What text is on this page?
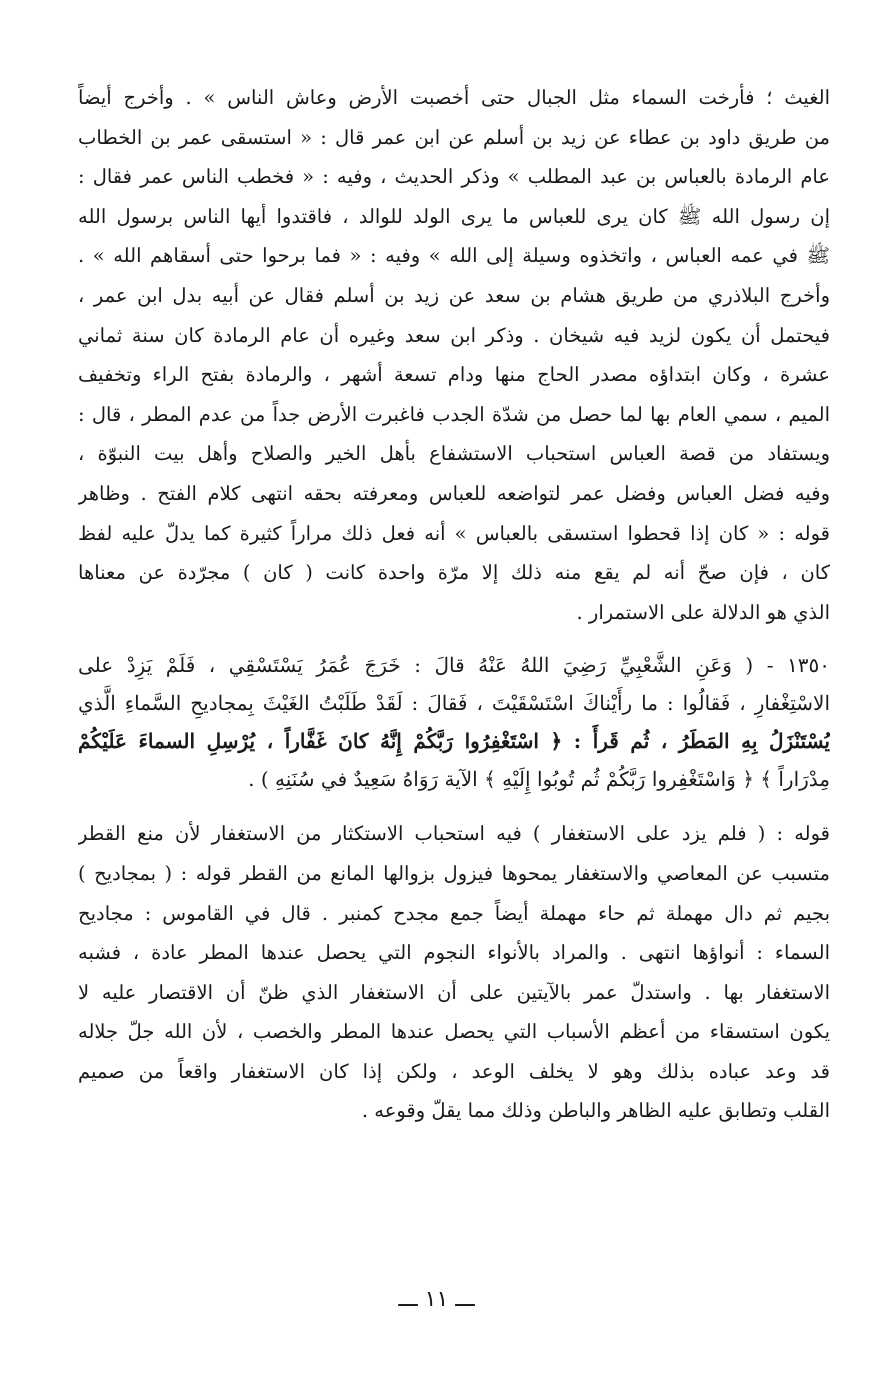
الغيث ؛ فأرخت السماء مثل الجبال حتى أخصبت الأرض وعاش الناس » . وأخرج أيضاً
من طريق داود بن عطاء عن زيد بن أسلم عن ابن عمر قال : « استسقى عمر بن الخطاب
عام الرمادة بالعباس بن عبد المطلب » وذكر الحديث ، وفيه : « فخطب الناس عمر فقال :
إن رسول الله ﷺ كان يرى للعباس ما يرى الولد للوالد ، فاقتدوا أيها الناس برسول الله
ﷺ في عمه العباس ، واتخذوه وسيلة إلى الله » وفيه : « فما برحوا حتى أسقاهم الله » .
وأخرج البلاذري من طريق هشام بن سعد عن زيد بن أسلم فقال عن أبيه بدل ابن عمر ،
فيحتمل أن يكون لزيد فيه شيخان . وذكر ابن سعد وغيره أن عام الرمادة كان سنة ثماني
عشرة ، وكان ابتداؤه مصدر الحاج منها ودام تسعة أشهر ، والرمادة بفتح الراء وتخفيف
الميم ، سمي العام بها لما حصل من شدّة الجدب فاغبرت الأرض جداً من عدم المطر ، قال :
ويستفاد من قصة العباس استحباب الاستشفاع بأهل الخير والصلاح وأهل بيت النبوّة ،
وفيه فضل العباس وفضل عمر لتواضعه للعباس ومعرفته بحقه انتهى كلام الفتح . وظاهر
قوله : « كان إذا قحطوا استسقى بالعباس » أنه فعل ذلك مراراً كثيرة كما يدلّ عليه لفظ
كان ، فإن صحّ أنه لم يقع منه ذلك إلا مرّة واحدة كانت ( كان ) مجرّدة عن معناها
الذي هو الدلالة على الاستمرار .
١٣٥٠ - ( وَعَنِ الشَّعْبِيِّ رَضِيَ اللهُ عَنْهُ قالَ : خَرَجَ عُمَرُ يَسْتَسْقِي ، فَلَمْ يَزِدْ على
الاسْتِغْفارِ ، فَقالُوا : ما رأَيْناكَ اسْتَسْقَيْتَ ، فَقالَ : لَقَدْ طَلَبْتُ الغَيْثَ بِمجاديحِ السَّماءِ الَّذي
يُسْتَنْزَلُ بِهِ المَطَرُ ، ثُم قَرأَ : ﴿ اسْتَغْفِرُوا رَبَّكُمْ إِنَّهُ كانَ غَفَّاراً ، يُرْسِلِ السماءَ عَلَيْكُمْ
مِدْرَاراً ﴾ ﴿ وَاسْتَغْفِروا رَبَّكُمْ ثُم تُوبُوا إِلَيْهِ ﴾ الآية رَوَاهُ سَعِيدٌ في سُنَنِهِ ) .
قوله : ( فلم يزد على الاستغفار ) فيه استحباب الاستكثار من الاستغفار لأن منع القطر
متسبب عن المعاصي والاستغفار يمحوها فيزول بزوالها المانع من القطر قوله : ( بمجاديح )
بجيم ثم دال مهملة ثم حاء مهملة أيضاً جمع مجدح كمنبر . قال في القاموس : مجاديح
السماء : أنواؤها انتهى . والمراد بالأنواء النجوم التي يحصل عندها المطر عادة ، فشبه
الاستغفار بها . واستدلّ عمر بالآيتين على أن الاستغفار الذي ظنّ أن الاقتصار عليه لا
يكون استسقاء من أعظم الأسباب التي يحصل عندها المطر والخصب ، لأن الله جلّ جلاله
قد وعد عباده بذلك وهو لا يخلف الوعد ، ولكن إذا كان الاستغفار واقعاً من صميم
القلب وتطابق عليه الظاهر والباطن وذلك مما يقلّ وقوعه .
ـــ ١١ ـــ
